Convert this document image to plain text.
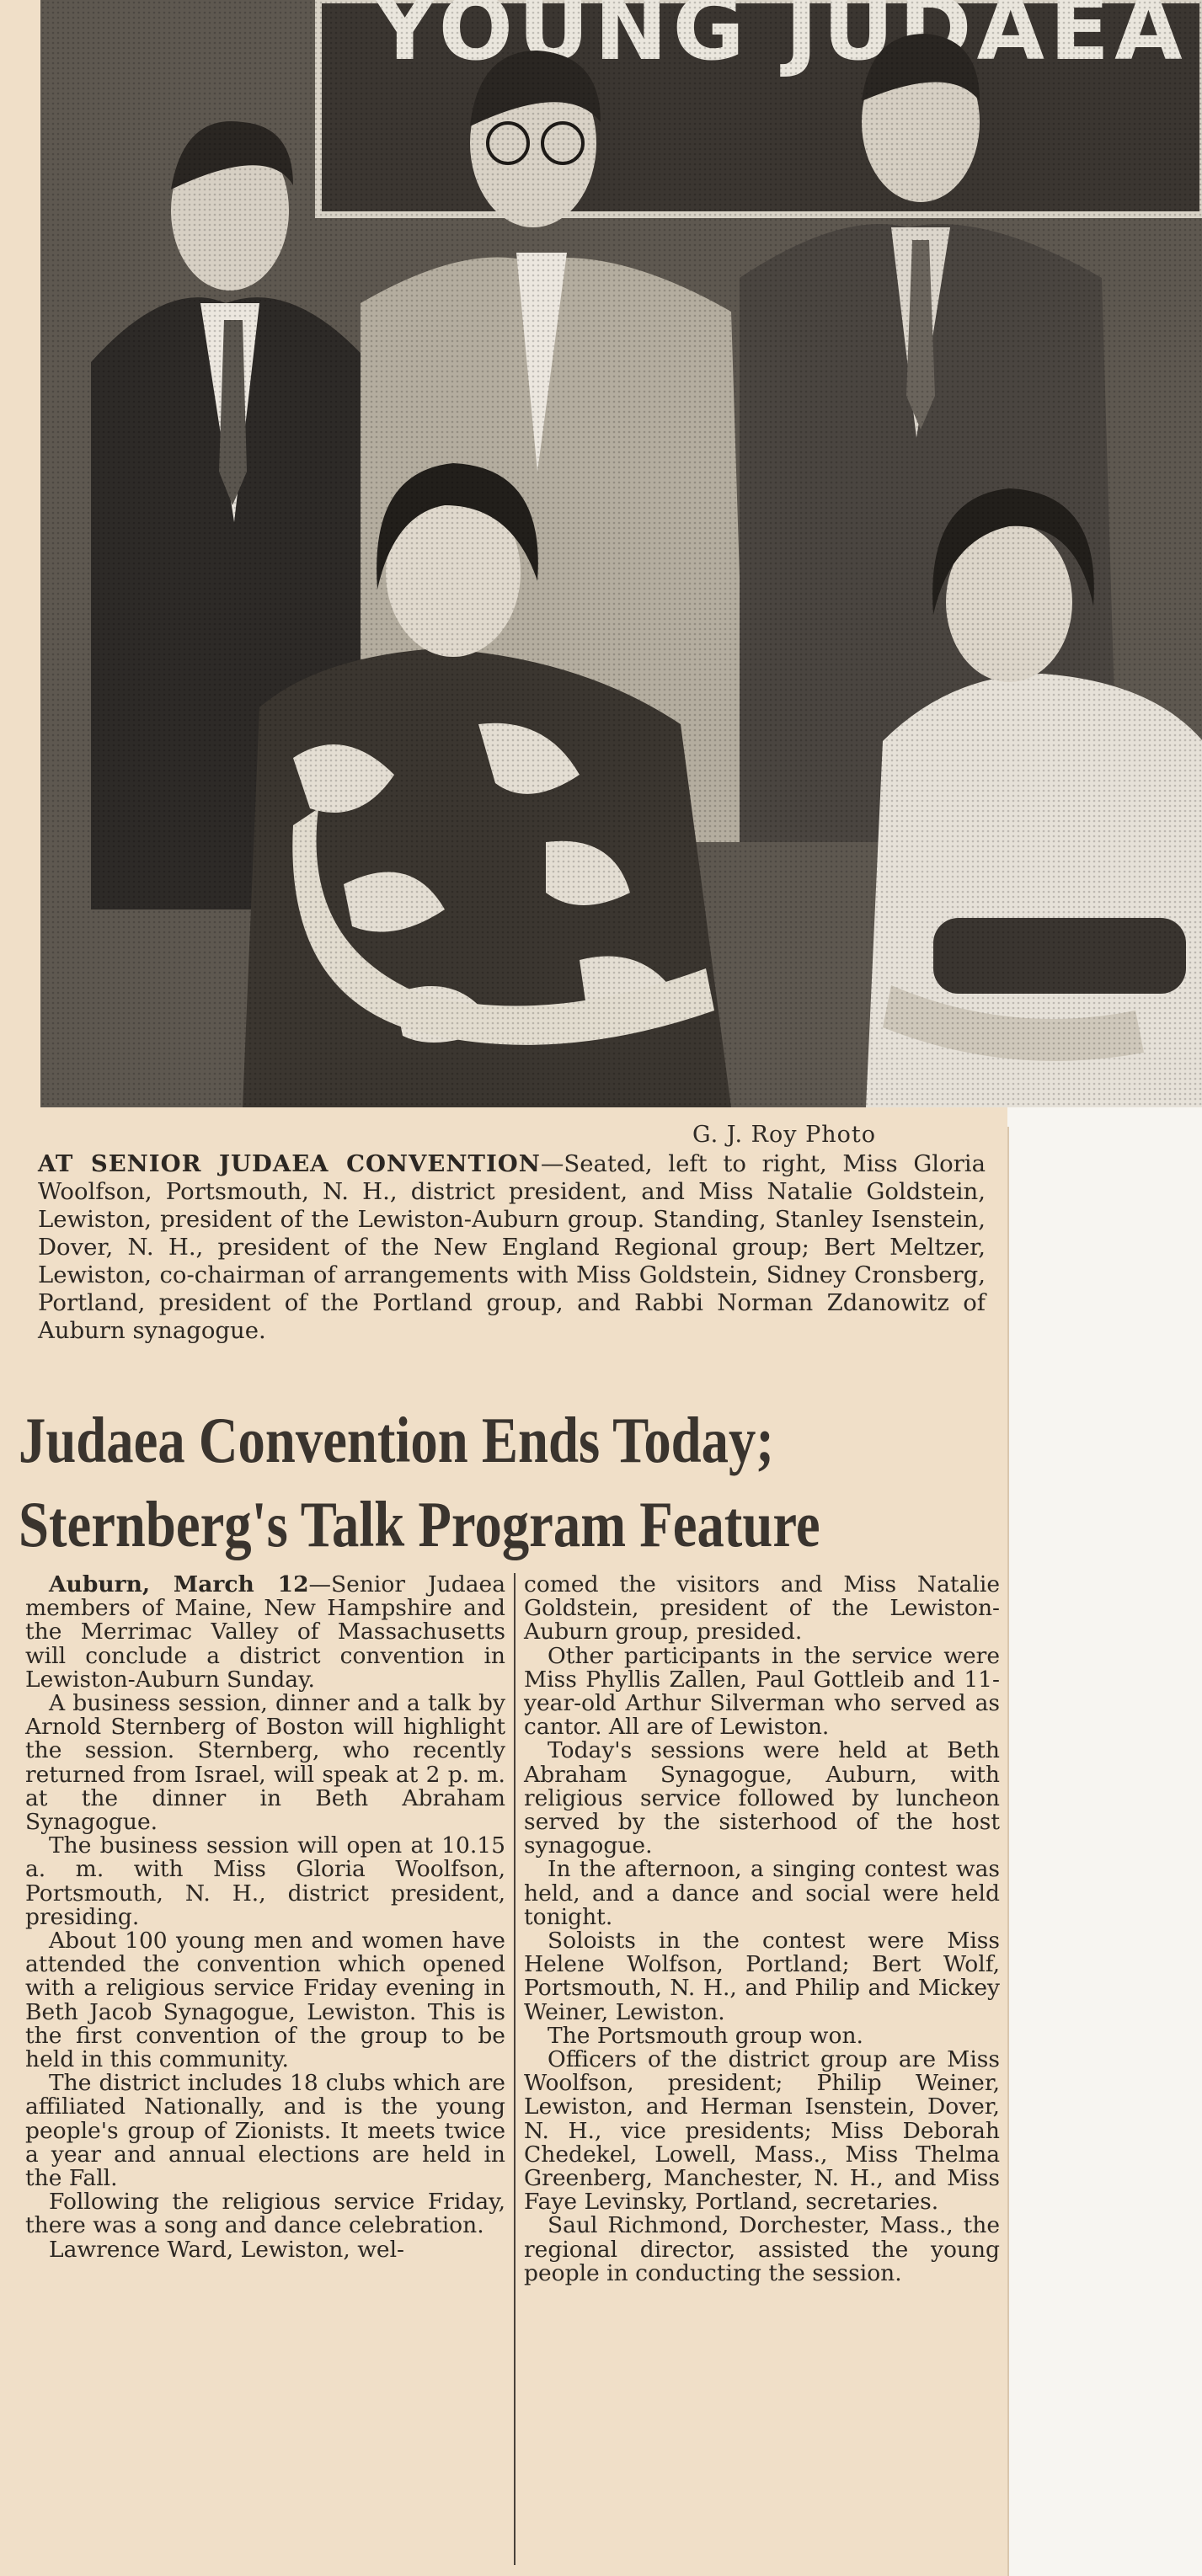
G. J. Roy Photo

AT SENIOR JUDAEA CONVENTION—Seated, left to right, Miss Gloria Woolfson, Portsmouth, N. H., district president, and Miss Natalie Goldstein, Lewiston, president of the Lewiston-Auburn group. Standing, Stanley Isenstein, Dover, N. H., president of the New England Regional group; Bert Meltzer, Lewiston, co-chairman of arrangements with Miss Goldstein, Sidney Cronsberg, Portland, president of the Portland group, and Rabbi Norman Zdanowitz of Auburn synagogue.

Judaea Convention Ends Today;
Sternberg's Talk Program Feature

Auburn, March 12—Senior Judaea members of Maine, New Hampshire and the Merrimac Valley of Massachusetts will conclude a district convention in Lewiston-Auburn Sunday.

A business session, dinner and a talk by Arnold Sternberg of Boston will highlight the session. Sternberg, who recently returned from Israel, will speak at 2 p. m. at the dinner in Beth Abraham Synagogue.

The business session will open at 10.15 a. m. with Miss Gloria Woolfson, Portsmouth, N. H., district president, presiding.

About 100 young men and women have attended the convention which opened with a religious service Friday evening in Beth Jacob Synagogue, Lewiston. This is the first convention of the group to be held in this community.

The district includes 18 clubs which are affiliated Nationally, and is the young people's group of Zionists. It meets twice a year and annual elections are held in the Fall.

Following the religious service Friday, there was a song and dance celebration.

Lawrence Ward, Lewiston, wel-

comed the visitors and Miss Natalie Goldstein, president of the Lewiston-Auburn group, presided.

Other participants in the service were Miss Phyllis Zallen, Paul Gottleib and 11-year-old Arthur Silverman who served as cantor. All are of Lewiston.

Today's sessions were held at Beth Abraham Synagogue, Auburn, with religious service followed by luncheon served by the sisterhood of the host synagogue.

In the afternoon, a singing contest was held, and a dance and social were held tonight.

Soloists in the contest were Miss Helene Wolfson, Portland; Bert Wolf, Portsmouth, N. H., and Philip and Mickey Weiner, Lewiston.

The Portsmouth group won.

Officers of the district group are Miss Woolfson, president; Philip Weiner, Lewiston, and Herman Isenstein, Dover, N. H., vice presidents; Miss Deborah Chedekel, Lowell, Mass., Miss Thelma Greenberg, Manchester, N. H., and Miss Faye Levinsky, Portland, secretaries.

Saul Richmond, Dorchester, Mass., the regional director, assisted the young people in conducting the session.
